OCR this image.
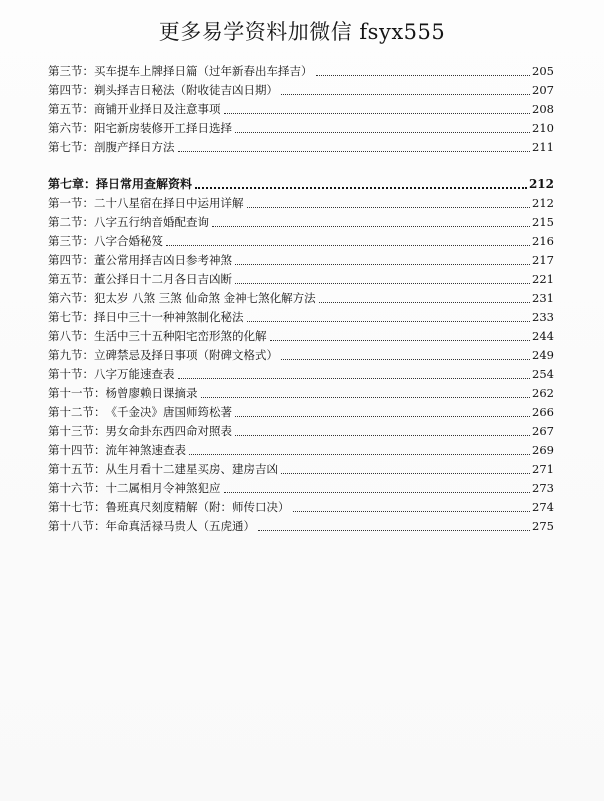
更多易学资料加微信 fsyx555
第三节： 买车提车上牌择日篇（过年新春出车择吉）	205
第四节： 剃头择吉日秘法（附收徒吉凶日期）	207
第五节： 商铺开业择日及注意事项	208
第六节： 阳宅新房装修开工择日选择	210
第七节： 剖腹产择日方法	211
第七章： 择日常用查解资料	212
第一节： 二十八星宿在择日中运用详解	212
第二节： 八字五行纳音婚配查询	215
第三节： 八字合婚秘笈	216
第四节： 董公常用择吉凶日参考神煞	217
第五节： 董公择日十二月各日吉凶断	221
第六节： 犯太岁 八煞 三煞 仙命煞 金神七煞化解方法	231
第七节： 择日中三十一种神煞制化秘法	233
第八节： 生活中三十五种阳宅峦形煞的化解	244
第九节： 立碑禁忌及择日事项（附碑文格式）	249
第十节： 八字万能速查表	254
第十一节： 杨曾廖赖日课摘录	262
第十二节： 《千金决》唐国师筠松著	266
第十三节： 男女命卦东西四命对照表	267
第十四节： 流年神煞速查表	269
第十五节： 从生月看十二建星买房、建房吉凶	271
第十六节： 十二属相月令神煞犯应	273
第十七节： 鲁班真尺刻度精解（附：师传口决）	274
第十八节： 年命真活禄马贵人（五虎通）	275
